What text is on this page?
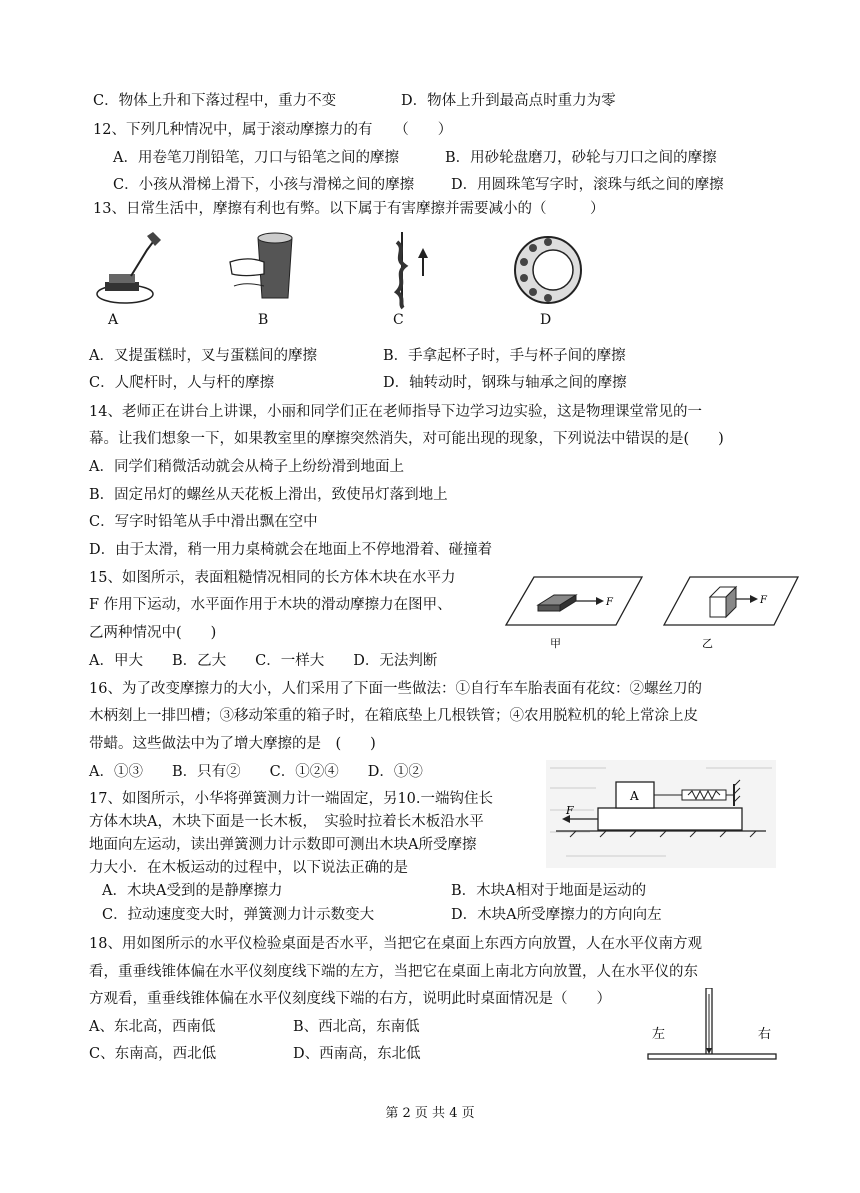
C．物体上升和下落过程中，重力不变	D．物体上升到最高点时重力为零
12、下列几种情况中，属于滚动摩擦力的有　　（　　）
A．用卷笔刀削铅笔，刀口与铅笔之间的摩擦	B．用砂轮盘磨刀，砂轮与刀口之间的摩擦
C．小孩从滑梯上滑下，小孩与滑梯之间的摩擦	D．用圆珠笔写字时，滚珠与纸之间的摩擦
13、日常生活中，摩擦有利也有弊。以下属于有害摩擦并需要减小的（　　　）
A	B	C	D
A．叉提蛋糕时，叉与蛋糕间的摩擦	B．手拿起杯子时，手与杯子间的摩擦
C．人爬杆时，人与杆的摩擦	D．轴转动时，钢珠与轴承之间的摩擦
14、老师正在讲台上讲课，小丽和同学们正在老师指导下边学习边实验，这是物理课堂常见的一
幕。让我们想象一下，如果教室里的摩擦突然消失，对可能出现的现象，下列说法中错误的是(　　)
A．同学们稍微活动就会从椅子上纷纷滑到地面上
B．固定吊灯的螺丝从天花板上滑出，致使吊灯落到地上
C．写字时铅笔从手中滑出飘在空中
D．由于太滑，稍一用力桌椅就会在地面上不停地滑着、碰撞着
15、如图所示，表面粗糙情况相同的长方体木块在水平力
F 作用下运动，水平面作用于木块的滑动摩擦力在图甲、
乙两种情况中(　　)
A．甲大　　B．乙大　　C．一样大　　D．无法判断
F	F
甲	乙
16、为了改变摩擦力的大小，人们采用了下面一些做法：①自行车车胎表面有花纹：②螺丝刀的
木柄刻上一排凹槽；③移动笨重的箱子时，在箱底垫上几根铁管；④农用脱粒机的轮上常涂上皮
带蜡。这些做法中为了增大摩擦的是　(　　)
A．①③　　B．只有②　　C．①②④　　D．①②
17、如图所示，小华将弹簧测力计一端固定，另10.一端钩住长
方体木块A，木块下面是一长木板，　实验时拉着长木板沿水平
地面向左运动，读出弹簧测力计示数即可测出木块A所受摩擦
力大小．在木板运动的过程中，以下说法正确的是
A
F
A．木块A受到的是静摩擦力	B．木块A相对于地面是运动的
C．拉动速度变大时，弹簧测力计示数变大	D．木块A所受摩擦力的方向向左
18、用如图所示的水平仪检验桌面是否水平，当把它在桌面上东西方向放置，人在水平仪南方观
看，重垂线锥体偏在水平仪刻度线下端的左方，当把它在桌面上南北方向放置，人在水平仪的东
方观看，重垂线锥体偏在水平仪刻度线下端的右方，说明此时桌面情况是（　　）
A、东北高，西南低	B、西北高，东南低
C、东南高，西北低	D、西南高，东北低
左	右
第 2 页 共 4 页
